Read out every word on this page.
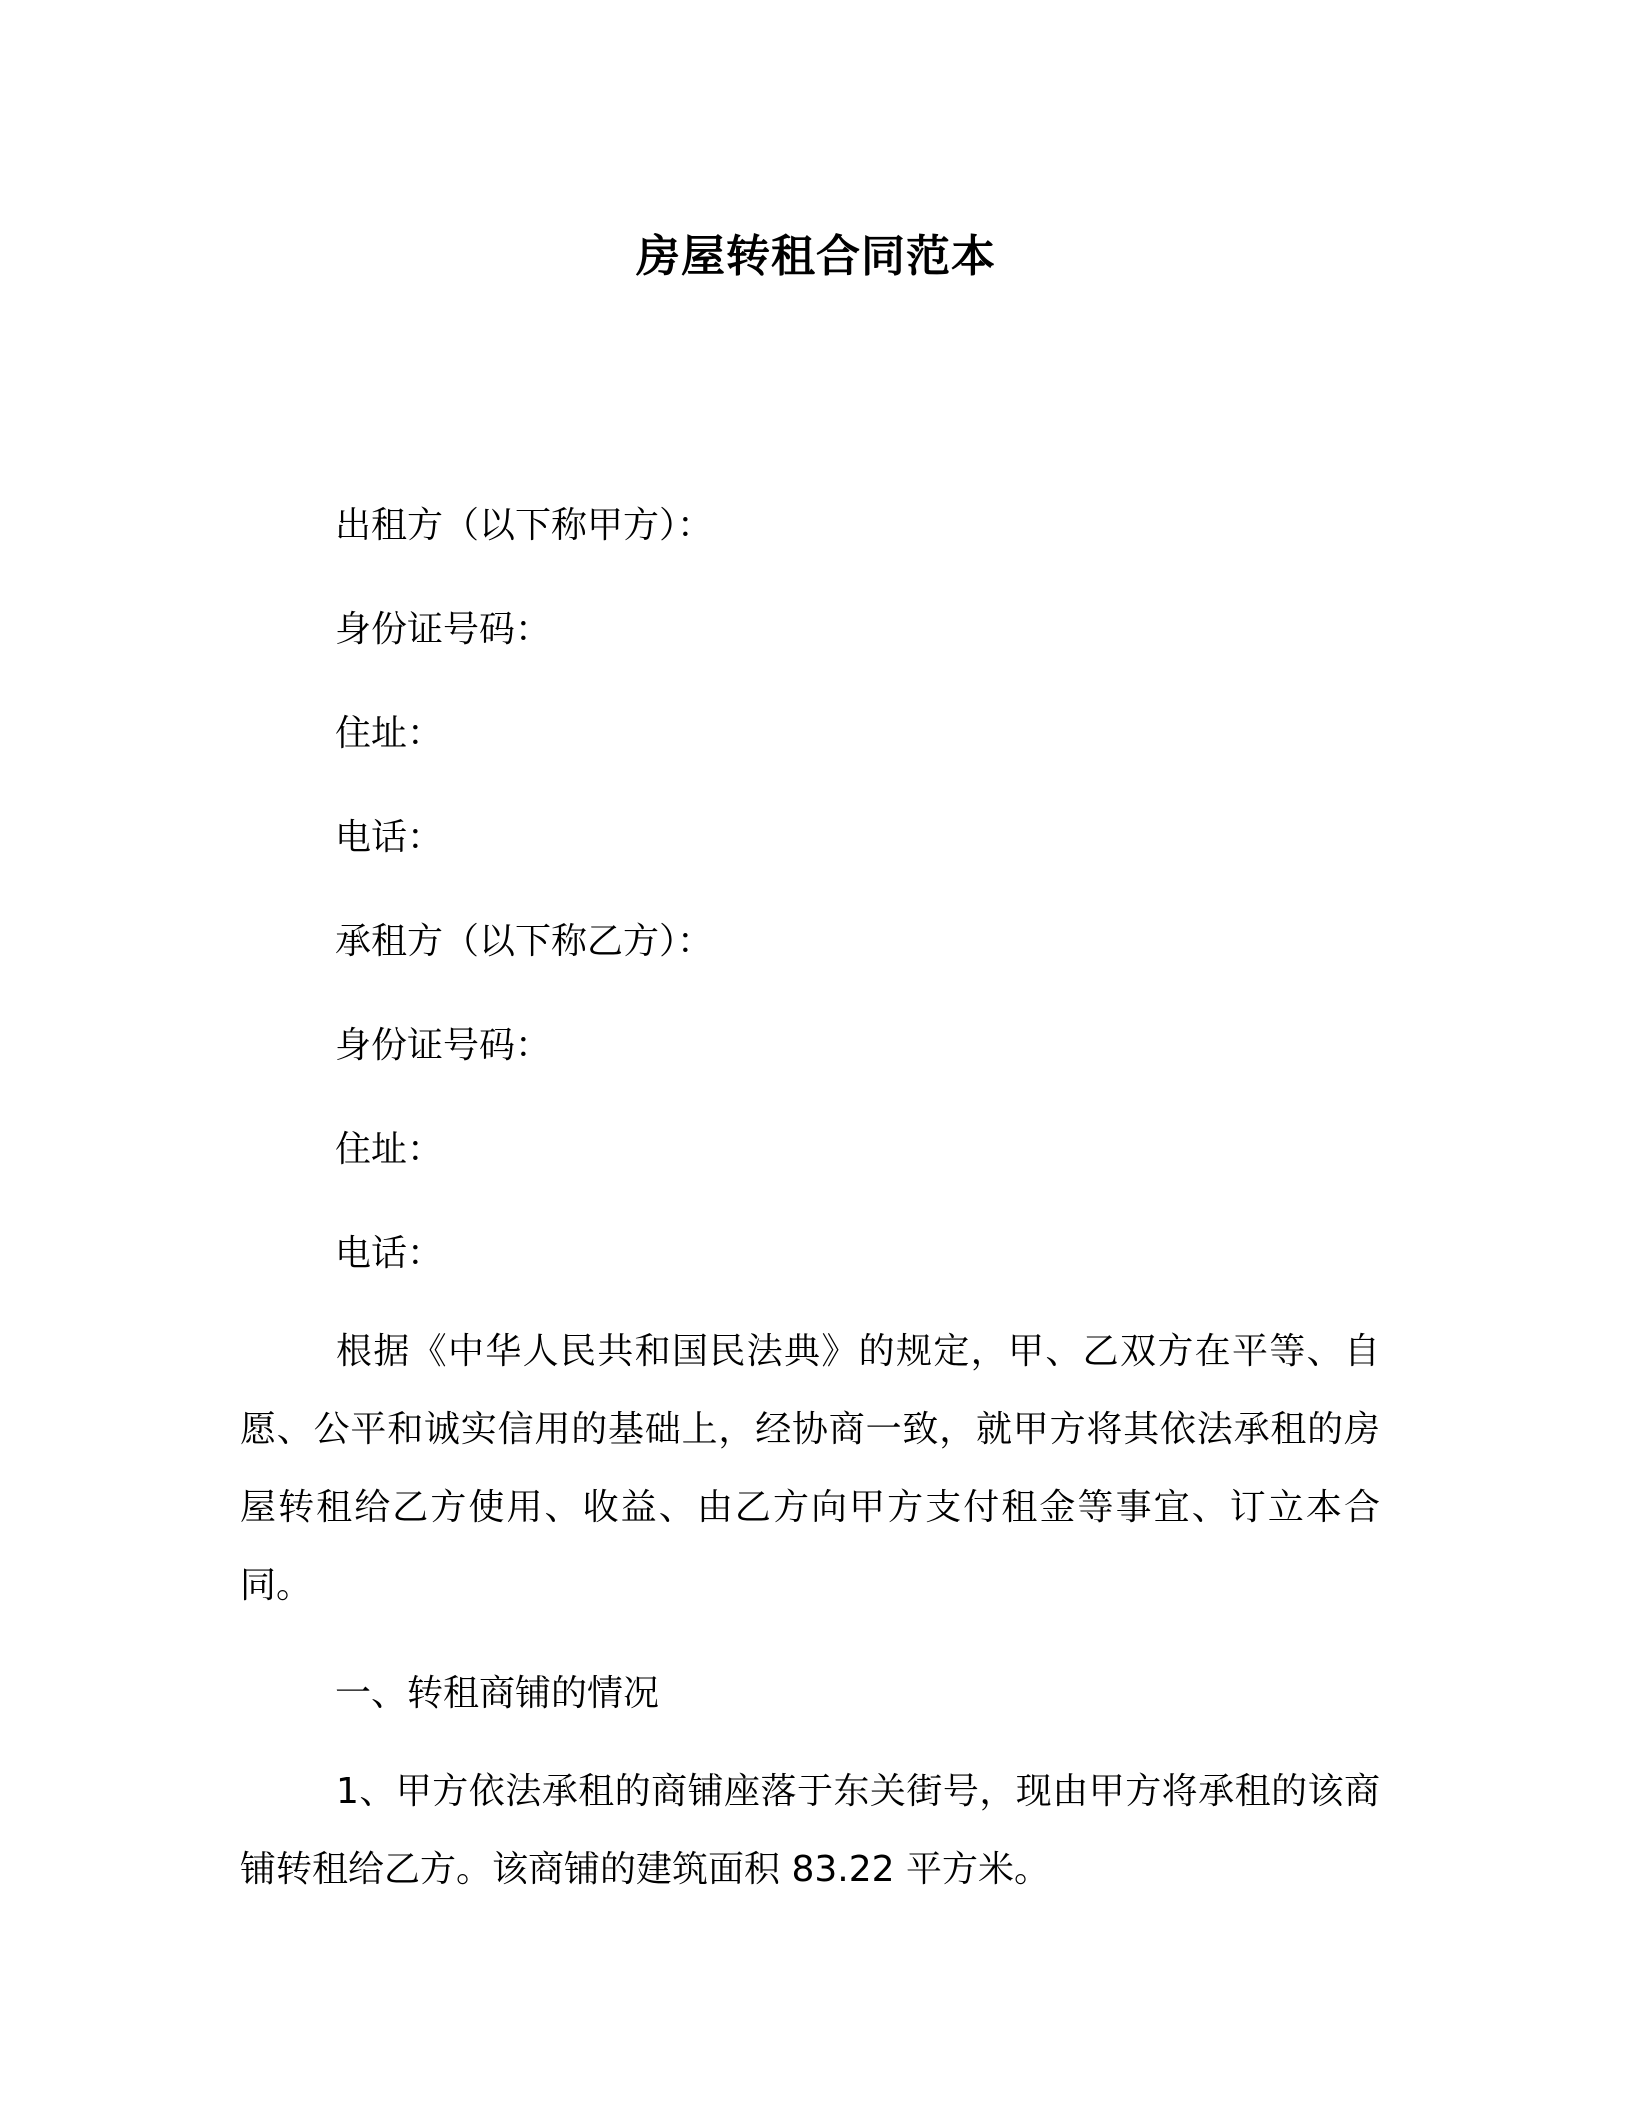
房屋转租合同范本
出租方（以下称甲方）：
身份证号码：
住址：
电话：
承租方（以下称乙方）：
身份证号码：
住址：
电话：
根据《中华人民共和国民法典》的规定，甲、乙双方在平等、自愿、公平和诚实信用的基础上，经协商一致，就甲方将其依法承租的房屋转租给乙方使用、收益、由乙方向甲方支付租金等事宜、订立本合同。
一、转租商铺的情况
1、甲方依法承租的商铺座落于东关街号，现由甲方将承租的该商铺转租给乙方。该商铺的建筑面积 83.22 平方米。
